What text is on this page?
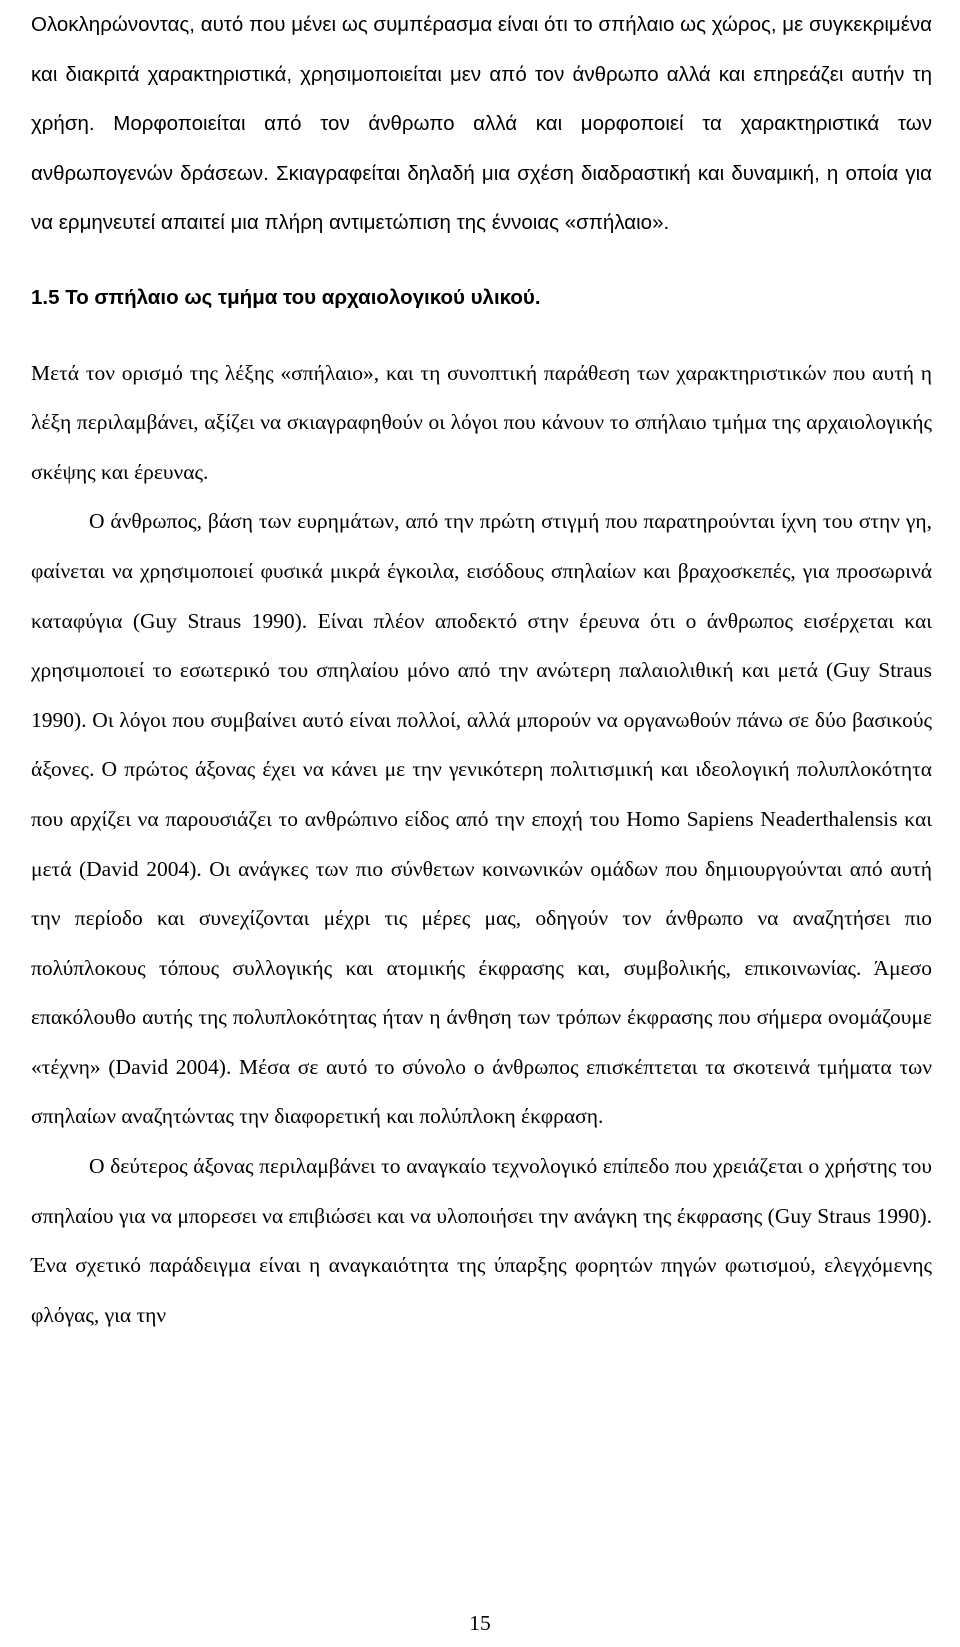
Ολοκληρώνοντας, αυτό που μένει ως συμπέρασμα είναι ότι το σπήλαιο ως χώρος, με συγκεκριμένα και διακριτά χαρακτηριστικά, χρησιμοποιείται μεν από τον άνθρωπο αλλά και επηρεάζει αυτήν τη χρήση. Μορφοποιείται από τον άνθρωπο αλλά και μορφοποιεί τα χαρακτηριστικά των ανθρωπογενών δράσεων. Σκιαγραφείται δηλαδή μια σχέση διαδραστική και δυναμική, η οποία για να ερμηνευτεί απαιτεί μια πλήρη αντιμετώπιση της έννοιας «σπήλαιο».

1.5 Το σπήλαιο ως τμήμα του αρχαιολογικού υλικού.

Μετά τον ορισμό της λέξης «σπήλαιο», και τη συνοπτική παράθεση των χαρακτηριστικών που αυτή η λέξη περιλαμβάνει, αξίζει να σκιαγραφηθούν οι λόγοι που κάνουν το σπήλαιο τμήμα της αρχαιολογικής σκέψης και έρευνας.

Ο άνθρωπος, βάση των ευρημάτων, από την πρώτη στιγμή που παρατηρούνται ίχνη του στην γη, φαίνεται να χρησιμοποιεί φυσικά μικρά έγκοιλα, εισόδους σπηλαίων και βραχοσκεπές, για προσωρινά καταφύγια (Guy Straus 1990). Είναι πλέον αποδεκτό στην έρευνα ότι ο άνθρωπος εισέρχεται και χρησιμοποιεί το εσωτερικό του σπηλαίου μόνο από την ανώτερη παλαιολιθική και μετά (Guy Straus 1990). Οι λόγοι που συμβαίνει αυτό είναι πολλοί, αλλά μπορούν να οργανωθούν πάνω σε δύο βασικούς άξονες. Ο πρώτος άξονας έχει να κάνει με την γενικότερη πολιτισμική και ιδεολογική πολυπλοκότητα που αρχίζει να παρουσιάζει το ανθρώπινο είδος από την εποχή του Homo Sapiens Neaderthalensis και μετά (David 2004). Οι ανάγκες των πιο σύνθετων κοινωνικών ομάδων που δημιουργούνται από αυτή την περίοδο και συνεχίζονται μέχρι τις μέρες μας, οδηγούν τον άνθρωπο να αναζητήσει πιο πολύπλοκους τόπους συλλογικής και ατομικής έκφρασης και, συμβολικής, επικοινωνίας. Άμεσο επακόλουθο αυτής της πολυπλοκότητας ήταν η άνθηση των τρόπων έκφρασης που σήμερα ονομάζουμε «τέχνη» (David 2004). Μέσα σε αυτό το σύνολο ο άνθρωπος επισκέπτεται τα σκοτεινά τμήματα των σπηλαίων αναζητώντας την διαφορετική και πολύπλοκη έκφραση.

Ο δεύτερος άξονας περιλαμβάνει το αναγκαίο τεχνολογικό επίπεδο που χρειάζεται ο χρήστης του σπηλαίου για να μπορεσει να επιβιώσει και να υλοποιήσει την ανάγκη της έκφρασης (Guy Straus 1990). Ένα σχετικό παράδειγμα είναι η αναγκαιότητα της ύπαρξης φορητών πηγών φωτισμού, ελεγχόμενης φλόγας, για την

15
